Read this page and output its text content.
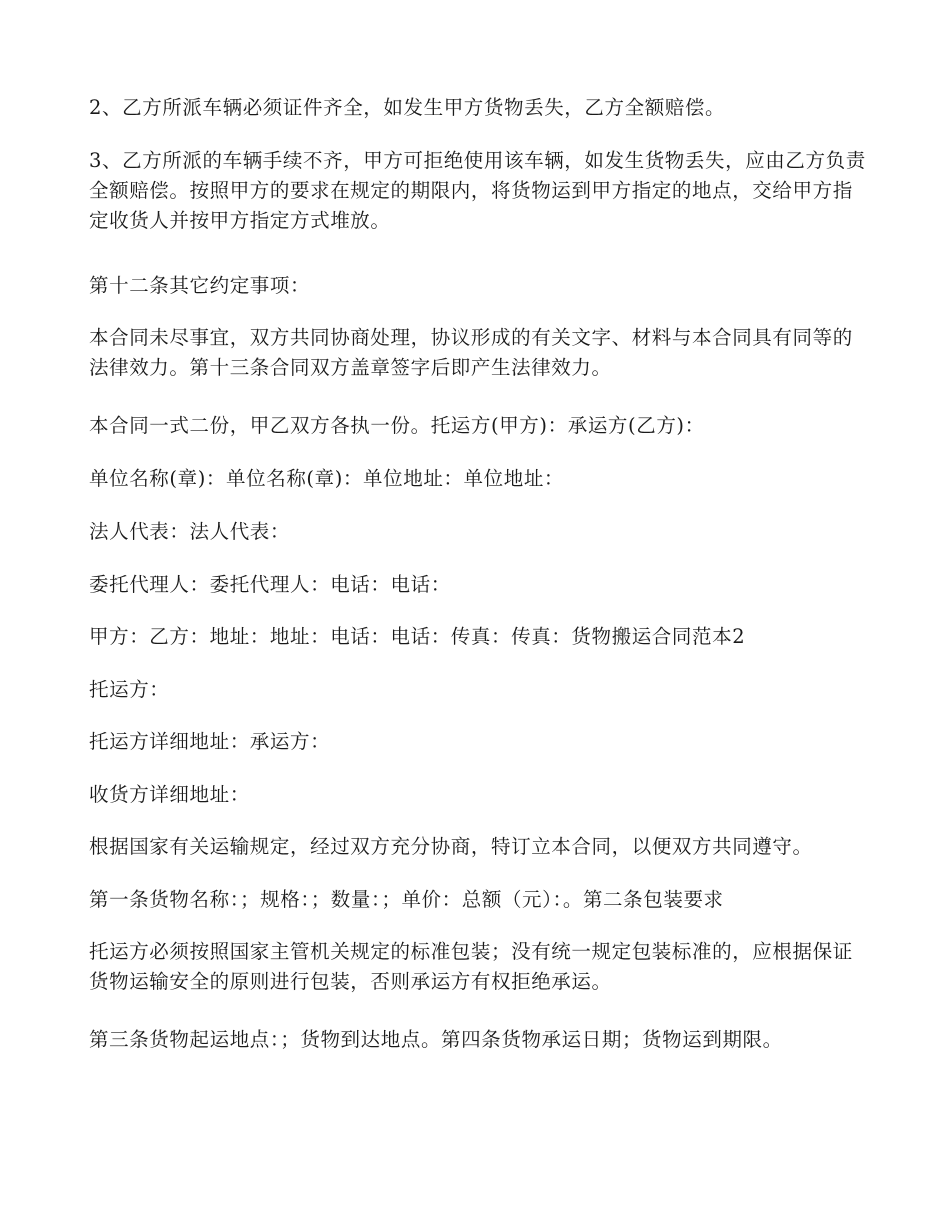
2、乙方所派车辆必须证件齐全，如发生甲方货物丢失，乙方全额赔偿。

3、乙方所派的车辆手续不齐，甲方可拒绝使用该车辆，如发生货物丢失，应由乙方负责全额赔偿。按照甲方的要求在规定的期限内，将货物运到甲方指定的地点，交给甲方指定收货人并按甲方指定方式堆放。

第十二条其它约定事项：

本合同未尽事宜，双方共同协商处理，协议形成的有关文字、材料与本合同具有同等的法律效力。第十三条合同双方盖章签字后即产生法律效力。

本合同一式二份，甲乙双方各执一份。托运方(甲方)：承运方(乙方)：

单位名称(章)：单位名称(章)：单位地址：单位地址：

法人代表：法人代表：

委托代理人：委托代理人：电话：电话：

甲方：乙方：地址：地址：电话：电话：传真：传真：货物搬运合同范本2

托运方：

托运方详细地址：承运方：

收货方详细地址：

根据国家有关运输规定，经过双方充分协商，特订立本合同，以便双方共同遵守。

第一条货物名称：；规格：；数量：；单价：总额（元）：。第二条包装要求

托运方必须按照国家主管机关规定的标准包装；没有统一规定包装标准的，应根据保证货物运输安全的原则进行包装，否则承运方有权拒绝承运。

第三条货物起运地点：；货物到达地点。第四条货物承运日期；货物运到期限。
